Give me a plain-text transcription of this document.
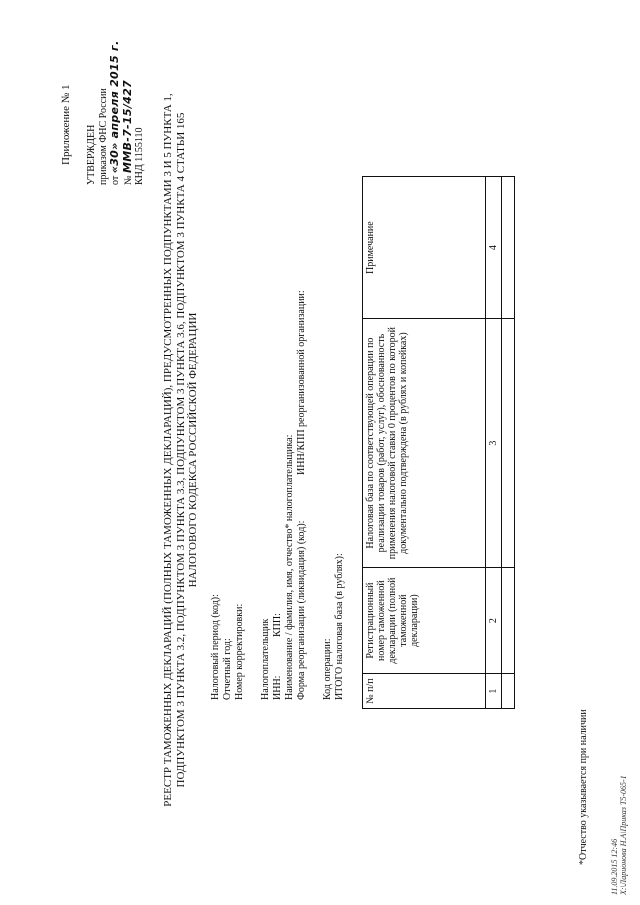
Приложение № 1 УТВЕРЖДЕН приказом ФНС России от «30» апреля 2015 г.
№ ММВ-7-15/427 КНД 1155110 РЕЕСТР ТАМОЖЕННЫХ ДЕКЛАРАЦИЙ (ПОЛНЫХ ТАМОЖЕННЫХ ДЕКЛАРАЦИЙ), ПРЕДУСМОТРЕННЫХ ПОДПУНКТАМИ 3 И 5 ПУНКТА 1, ПОДПУНКТОМ 3 ПУНКТА 3.2, ПОДПУНКТОМ 3 ПУНКТА 3.3, ПОДПУНКТОМ 3 ПУНКТА 3.6, ПОДПУНКТОМ 3 ПУНКТА 4 СТАТЬИ 165 НАЛОГОВОГО КОДЕКСА РОССИЙСКОЙ ФЕДЕРАЦИИ
Налоговый период (код): Отчетный год: Номер корректировки: Налогоплательщик ИНН: КПП: Наименование / фамилия, имя, отчество* налогоплательщика: Форма реорганизации (ликвидация) (код):
ИНН/КПП реорганизованной организации:
Код операции: ИТОГО налоговая база (в рублях): № п/п	Регистрационный номер таможенной декларации (полной таможенной декларации)	Налоговая база по соответствующей операции по реализации товаров (работ, услуг), обоснованность применения налоговой ставки 0 процентов по которой документально подтверждена (в рублях и копейках)	Примечание
1	2	3	4

*Отчество указывается при наличии
11.09.2015 12:46 X:\Ларионова Н.А\Приказ Т5-065-1
